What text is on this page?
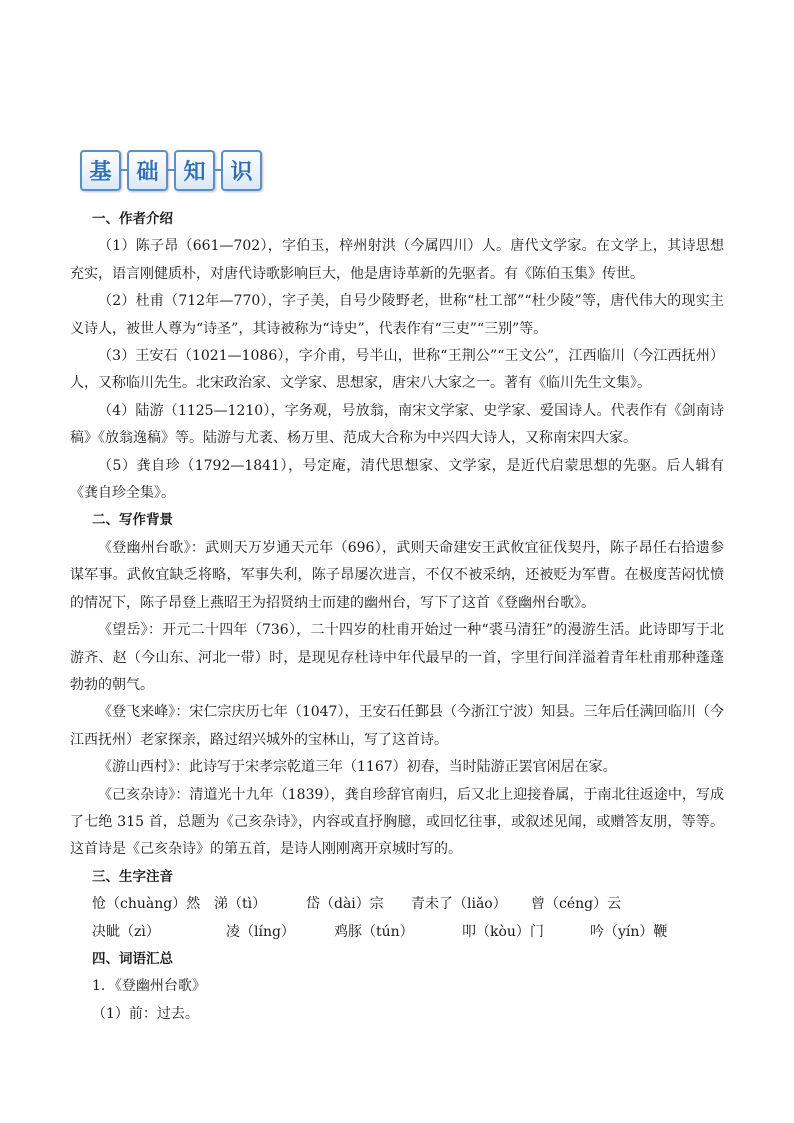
基	础	知	识
一、作者介绍
（1）陈子昂（661—702），字伯玉，梓州射洪（今属四川）人。唐代文学家。在文学上，其诗思想充实，语言刚健质朴，对唐代诗歌影响巨大，他是唐诗革新的先驱者。有《陈伯玉集》传世。
（2）杜甫（712年—770），字子美，自号少陵野老，世称“杜工部”“杜少陵”等，唐代伟大的现实主义诗人，被世人尊为“诗圣”，其诗被称为“诗史”，代表作有“三吏”“三别”等。
（3）王安石（1021—1086），字介甫，号半山，世称“王荆公”“王文公”，江西临川（今江西抚州）人，又称临川先生。北宋政治家、文学家、思想家，唐宋八大家之一。著有《临川先生文集》。
（4）陆游（1125—1210），字务观，号放翁，南宋文学家、史学家、爱国诗人。代表作有《剑南诗稿》《放翁逸稿》等。陆游与尤袤、杨万里、范成大合称为中兴四大诗人，又称南宋四大家。
（5）龚自珍（1792—1841），号定庵，清代思想家、文学家，是近代启蒙思想的先驱。后人辑有《龚自珍全集》。
二、写作背景
《登幽州台歌》：武则天万岁通天元年（696），武则天命建安王武攸宜征伐契丹，陈子昂任右拾遗参谋军事。武攸宜缺乏将略，军事失利，陈子昂屡次进言，不仅不被采纳，还被贬为军曹。在极度苦闷忧愤的情况下，陈子昂登上燕昭王为招贤纳士而建的幽州台，写下了这首《登幽州台歌》。
《望岳》：开元二十四年（736），二十四岁的杜甫开始过一种“裘马清狂”的漫游生活。此诗即写于北游齐、赵（今山东、河北一带）时，是现见存杜诗中年代最早的一首，字里行间洋溢着青年杜甫那种蓬蓬勃勃的朝气。
《登飞来峰》：宋仁宗庆历七年（1047），王安石任鄞县（今浙江宁波）知县。三年后任满回临川（今江西抚州）老家探亲，路过绍兴城外的宝林山，写了这首诗。
《游山西村》：此诗写于宋孝宗乾道三年（1167）初春，当时陆游正罢官闲居在家。
《己亥杂诗》：清道光十九年（1839），龚自珍辞官南归，后又北上迎接眷属，于南北往返途中，写成了七绝 315 首，总题为《己亥杂诗》，内容或直抒胸臆，或回忆往事，或叙述见闻，或赠答友朋，等等。这首诗是《己亥杂诗》的第五首，是诗人刚刚离开京城时写的。
三、生字注音
怆（chuàng）然 涕（tì）	岱（dài）宗	青未了（liǎo）	曾（céng）云
决眦（zì）	凌（líng）	鸡豚（tún）	叩（kòu）门	吟（yín）鞭
四、词语汇总
1．《登幽州台歌》
（1）前：过去。
